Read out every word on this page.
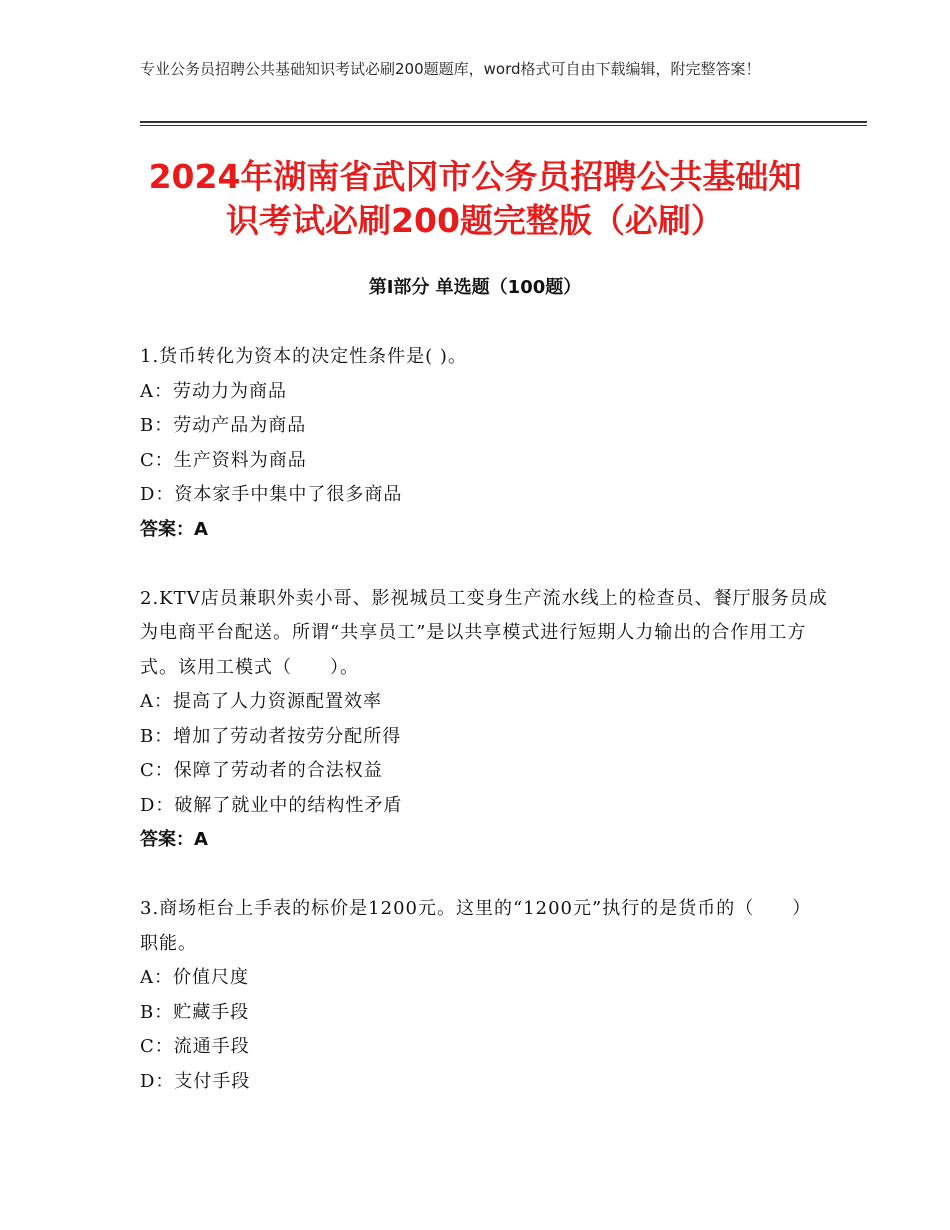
专业公务员招聘公共基础知识考试必刷200题题库，word格式可自由下载编辑，附完整答案！
2024年湖南省武冈市公务员招聘公共基础知
识考试必刷200题完整版（必刷）
第I部分 单选题（100题）

1.货币转化为资本的决定性条件是( )。

A：劳动力为商品

B：劳动产品为商品

C：生产资料为商品

D：资本家手中集中了很多商品

答案：A

2.KTV店员兼职外卖小哥、影视城员工变身生产流水线上的检查员、餐厅服务员成为电商平台配送。所谓“共享员工”是以共享模式进行短期人力输出的合作用工方式。该用工模式（　　）。

A：提高了人力资源配置效率

B：增加了劳动者按劳分配所得

C：保障了劳动者的合法权益

D：破解了就业中的结构性矛盾

答案：A

3.商场柜台上手表的标价是1200元。这里的“1200元”执行的是货币的（　　）职能。

A：价值尺度

B：贮藏手段

C：流通手段

D：支付手段
